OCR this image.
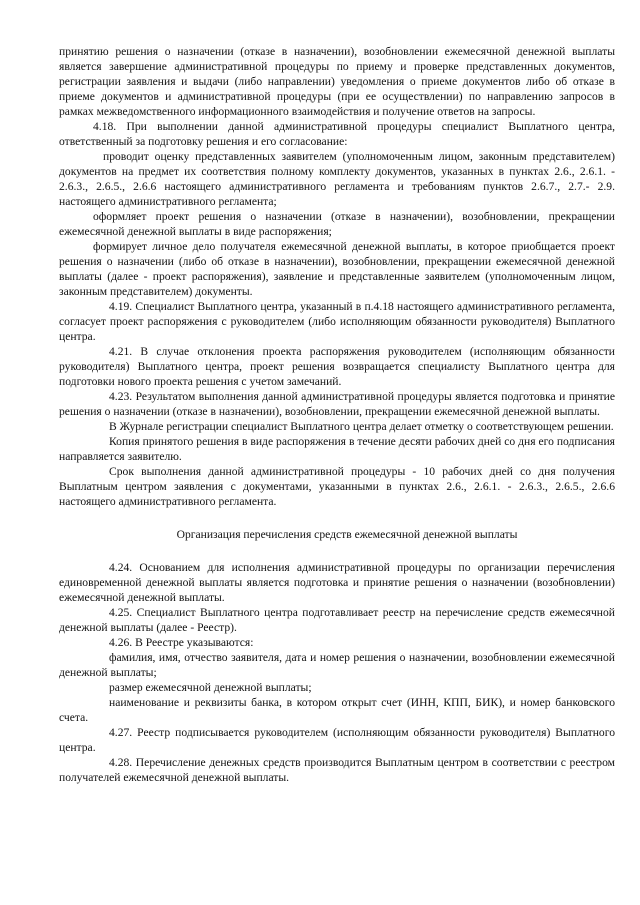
принятию решения о назначении (отказе в назначении), возобновлении ежемесячной денежной выплаты является завершение административной процедуры по приему и проверке представленных документов, регистрации заявления и выдачи (либо направлении) уведомления о приеме документов либо об отказе в приеме документов и административной процедуры (при ее осуществлении) по направлению запросов в рамках межведомственного информационного взаимодействия и получение ответов на запросы.

4.18. При выполнении данной административной процедуры специалист Выплатного центра, ответственный за подготовку решения и его согласование:

проводит оценку представленных заявителем (уполномоченным лицом, законным представителем) документов на предмет их соответствия полному комплекту документов, указанных в пунктах 2.6., 2.6.1. - 2.6.3., 2.6.5., 2.6.6 настоящего административного регламента и требованиям пунктов 2.6.7., 2.7.- 2.9. настоящего административного регламента;

оформляет проект решения о назначении (отказе в назначении), возобновлении, прекращении ежемесячной денежной выплаты в виде распоряжения;

формирует личное дело получателя ежемесячной денежной выплаты, в которое приобщается проект решения о назначении (либо об отказе в назначении), возобновлении, прекращении ежемесячной денежной выплаты (далее - проект распоряжения), заявление и представленные заявителем (уполномоченным лицом, законным представителем) документы.

4.19. Специалист Выплатного центра, указанный в п.4.18 настоящего административного регламента, согласует проект распоряжения с руководителем (либо исполняющим обязанности руководителя) Выплатного центра.

4.21. В случае отклонения проекта распоряжения руководителем (исполняющим обязанности руководителя) Выплатного центра, проект решения возвращается специалисту Выплатного центра для подготовки нового проекта решения с учетом замечаний.

4.23. Результатом выполнения данной административной процедуры является подготовка и принятие решения о назначении (отказе в назначении), возобновлении, прекращении ежемесячной денежной выплаты.

В Журнале регистрации специалист Выплатного центра делает отметку о соответствующем решении.

Копия принятого решения в виде распоряжения в течение десяти рабочих дней со дня его подписания направляется заявителю.

Срок выполнения данной административной процедуры - 10 рабочих дней со дня получения Выплатным центром заявления с документами, указанными в пунктах 2.6., 2.6.1. - 2.6.3., 2.6.5., 2.6.6 настоящего административного регламента.

Организация перечисления средств ежемесячной денежной выплаты

4.24. Основанием для исполнения административной процедуры по организации перечисления единовременной денежной выплаты является подготовка и принятие решения о назначении (возобновлении) ежемесячной денежной выплаты.

4.25. Специалист Выплатного центра подготавливает реестр на перечисление средств ежемесячной денежной выплаты (далее - Реестр).

4.26. В Реестре указываются:

фамилия, имя, отчество заявителя, дата и номер решения о назначении, возобновлении ежемесячной денежной выплаты;

размер ежемесячной денежной выплаты;

наименование и реквизиты банка, в котором открыт счет (ИНН, КПП, БИК), и номер банковского счета.

4.27. Реестр подписывается руководителем (исполняющим обязанности руководителя) Выплатного центра.

4.28. Перечисление денежных средств производится Выплатным центром в соответствии с реестром получателей ежемесячной денежной выплаты.
